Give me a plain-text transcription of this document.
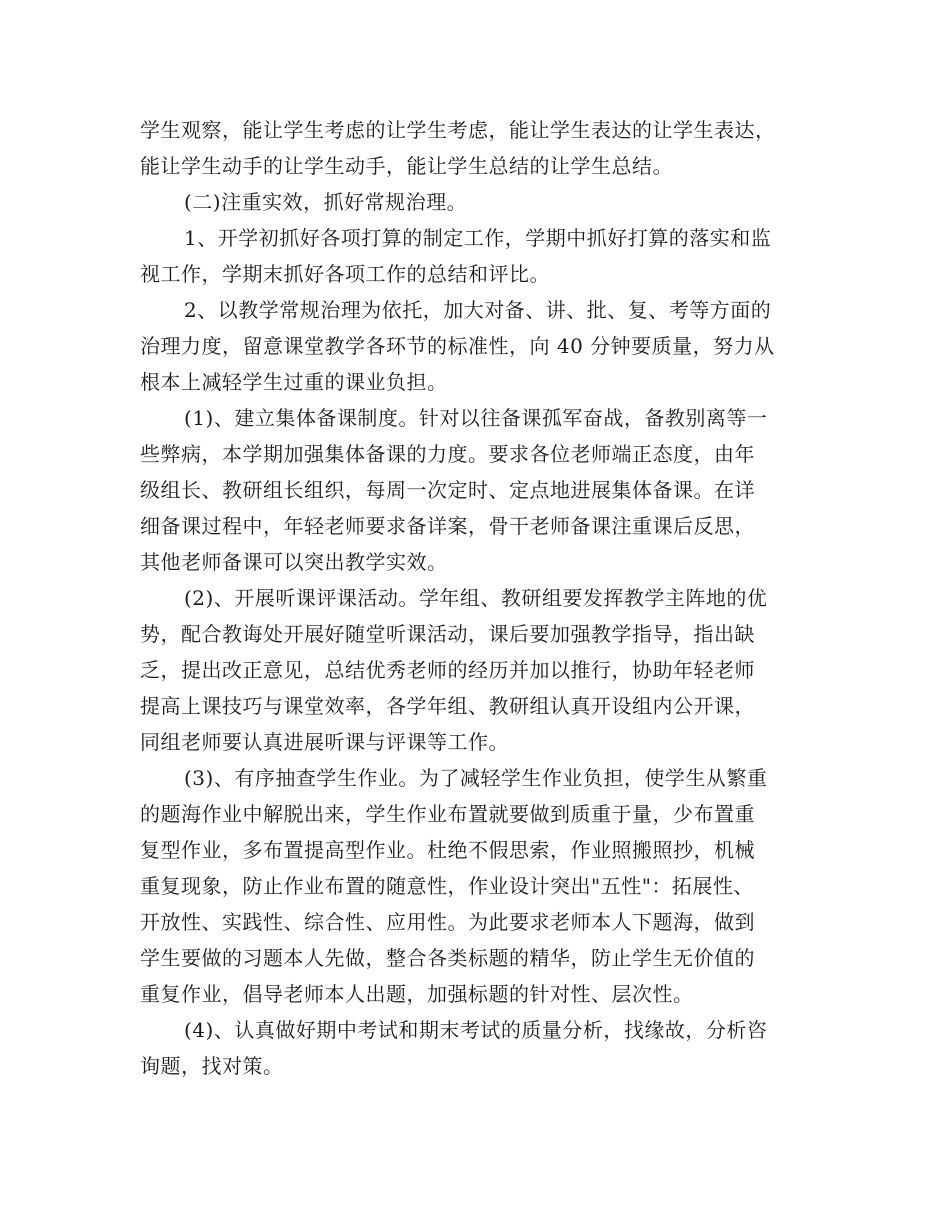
学生观察，能让学生考虑的让学生考虑，能让学生表达的让学生表达，
能让学生动手的让学生动手，能让学生总结的让学生总结。
(二)注重实效，抓好常规治理。
1、开学初抓好各项打算的制定工作，学期中抓好打算的落实和监
视工作，学期末抓好各项工作的总结和评比。
2、以教学常规治理为依托，加大对备、讲、批、复、考等方面的
治理力度，留意课堂教学各环节的标准性，向 40 分钟要质量，努力从
根本上减轻学生过重的课业负担。
(1)、建立集体备课制度。针对以往备课孤军奋战，备教别离等一
些弊病，本学期加强集体备课的力度。要求各位老师端正态度，由年
级组长、教研组长组织，每周一次定时、定点地进展集体备课。在详
细备课过程中，年轻老师要求备详案，骨干老师备课注重课后反思，
其他老师备课可以突出教学实效。
(2)、开展听课评课活动。学年组、教研组要发挥教学主阵地的优
势，配合教诲处开展好随堂听课活动，课后要加强教学指导，指出缺
乏，提出改正意见，总结优秀老师的经历并加以推行，协助年轻老师
提高上课技巧与课堂效率，各学年组、教研组认真开设组内公开课，
同组老师要认真进展听课与评课等工作。
(3)、有序抽查学生作业。为了减轻学生作业负担，使学生从繁重
的题海作业中解脱出来，学生作业布置就要做到质重于量，少布置重
复型作业，多布置提高型作业。杜绝不假思索，作业照搬照抄，机械
重复现象，防止作业布置的随意性，作业设计突出"五性"：拓展性、
开放性、实践性、综合性、应用性。为此要求老师本人下题海，做到
学生要做的习题本人先做，整合各类标题的精华，防止学生无价值的
重复作业，倡导老师本人出题，加强标题的针对性、层次性。
(4)、认真做好期中考试和期末考试的质量分析，找缘故，分析咨
询题，找对策。
